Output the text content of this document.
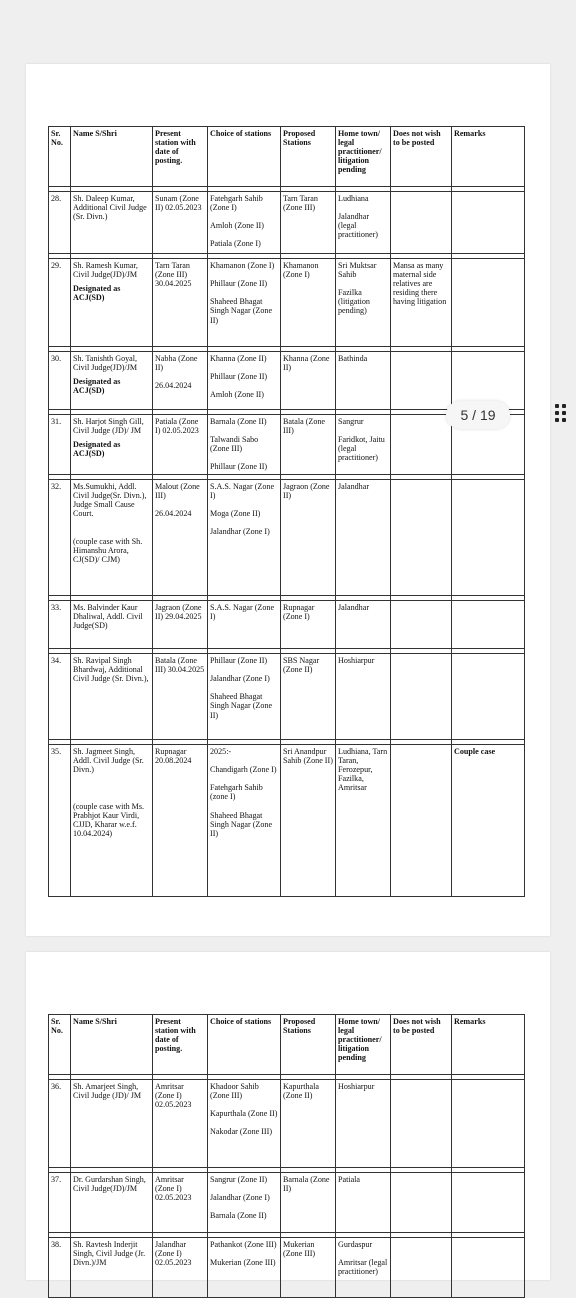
Sr. No.	Name S/Shri	Present station with date of posting.	Choice of stations	Proposed Stations	Home town/ legal practitioner/ litigation pending	Does not wish to be posted	Remarks

28.	Sh. Daleep Kumar, Additional Civil Judge (Sr. Divn.)	Sunam (Zone II) 02.05.2023	Fatehgarh Sahib (Zone I)

Amloh (Zone II)

Patiala (Zone I)	Tarn Taran (Zone III)	Ludhiana

Jalandhar (legal practitioner)		

29.	Sh. Ramesh Kumar, Civil Judge(JD)/JM
Designated as ACJ(SD)	Tarn Taran (Zone III) 30.04.2025	Khamanon (Zone I)

Phillaur (Zone II)

Shaheed Bhagat Singh Nagar (Zone II)	Khamanon (Zone I)	Sri Muktsar Sahib

Fazilka (litigation pending)	Mansa as many maternal side relatives are residing there having litigation	

30.	Sh. Tanishth Goyal, Civil Judge(JD)/JM
Designated as ACJ(SD)	Nabha (Zone II)

26.04.2024	Khanna (Zone II)

Phillaur (Zone II)

Amloh (Zone II)	Khanna (Zone II)	Bathinda		

31.	Sh. Harjot Singh Gill, Civil Judge (JD)/ JM
Designated as ACJ(SD)	Patiala (Zone I) 02.05.2023	Barnala (Zone II)

Talwandi Sabo (Zone III)

Phillaur (Zone II)	Batala (Zone III)	Sangrur

Faridkot, Jaitu (legal practitioner)		

32.	Ms.Sumukhi, Addl. Civil Judge(Sr. Divn.), Judge Small Cause Court.

(couple case with Sh. Himanshu Arora, CJ(SD)/ CJM)	Malout (Zone III)

26.04.2024	S.A.S. Nagar (Zone I)

Moga (Zone II)

Jalandhar (Zone I)	Jagraon (Zone II)	Jalandhar		

33.	Ms. Balvinder Kaur Dhaliwal, Addl. Civil Judge(SD)	Jagraon (Zone II) 29.04.2025	S.A.S. Nagar (Zone I)	Rupnagar (Zone I)	Jalandhar		

34.	Sh. Ravipal Singh Bhardwaj, Additional Civil Judge (Sr. Divn.),	Batala (Zone III) 30.04.2025	Phillaur (Zone II)

Jalandhar (Zone I)

Shaheed Bhagat Singh Nagar (Zone II)	SBS Nagar (Zone II)	Hoshiarpur		

35.	Sh. Jagmeet Singh, Addl. Civil Judge (Sr. Divn.)

(couple case with Ms. Prabhjot Kaur Virdi, CJJD, Kharar w.e.f. 10.04.2024)	Rupnagar 20.08.2024	2025:-

Chandigarh (Zone I)

Fatehgarh Sahib (zone I)

Shaheed Bhagat Singh Nagar (Zone II)	Sri Anandpur Sahib (Zone II)	Ludhiana, Tarn Taran, Ferozepur, Fazilka, Amritsar		Couple case
Sr. No.	Name S/Shri	Present station with date of posting.	Choice of stations	Proposed Stations	Home town/ legal practitioner/ litigation pending	Does not wish to be posted	Remarks

36.	Sh. Amarjeet Singh, Civil Judge (JD)/ JM	Amritsar (Zone I) 02.05.2023	Khadoor Sahib (Zone III)

Kapurthala (Zone II)

Nakodar (Zone III)	Kapurthala (Zone II)	Hoshiarpur		

37.	Dr. Gurdarshan Singh, Civil Judge(JD)/JM	Amritsar (Zone I) 02.05.2023	Sangrur (Zone II)

Jalandhar (Zone I)

Barnala (Zone II)	Barnala (Zone II)	Patiala		

38.	Sh. Ravtesh Inderjit Singh, Civil Judge (Jr. Divn.)/JM	Jalandhar (Zone I) 02.05.2023	Pathankot (Zone III)

Mukerian (Zone III)	Mukerian (Zone III)	Gurdaspur

Amritsar (legal practitioner)		
5 / 19
